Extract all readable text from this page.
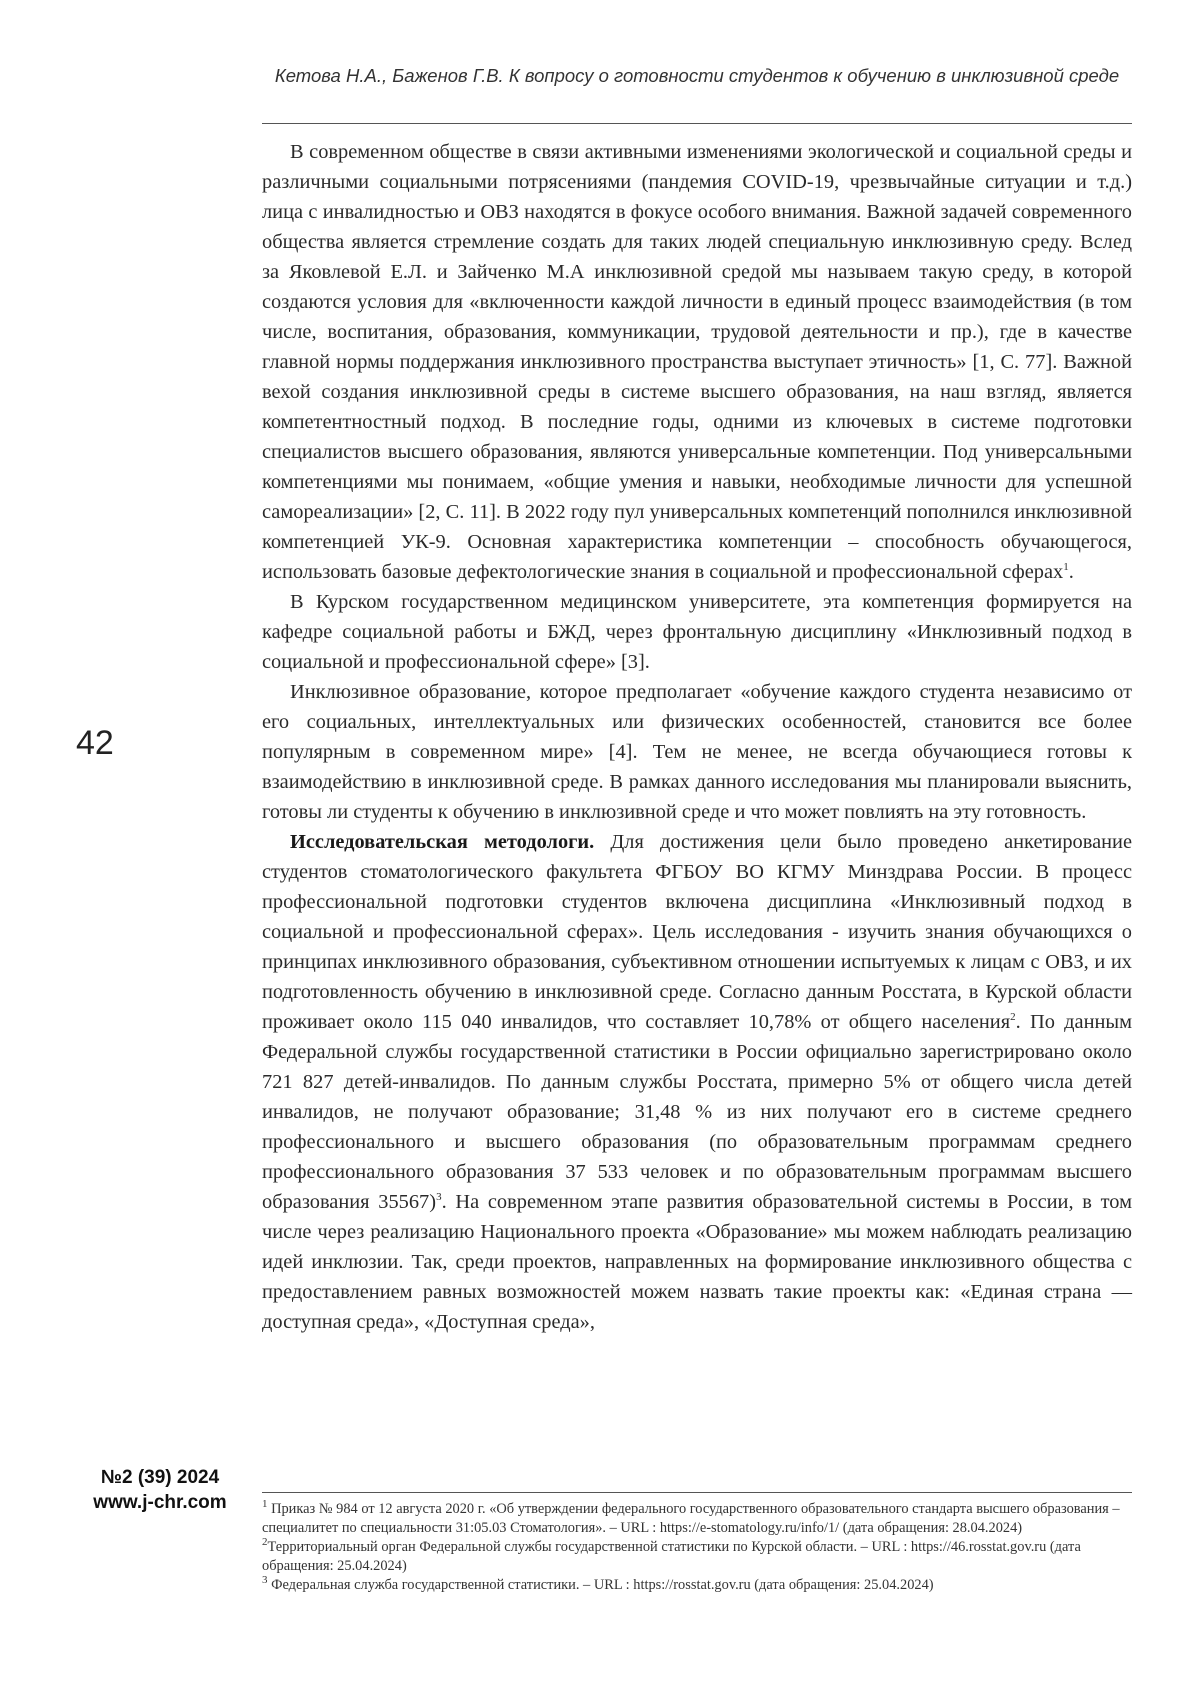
Кетова Н.А., Баженов Г.В. К вопросу о готовности студентов к обучению в инклюзивной среде
42
№2 (39) 2024
www.j-chr.com

В современном обществе в связи активными изменениями экологической и социальной среды и различными социальными потрясениями (пандемия COVID-19, чрезвычайные ситуации и т.д.) лица с инвалидностью и ОВЗ находятся в фокусе особого внимания. Важной задачей современного общества является стремление создать для таких людей специальную инклюзивную среду. Вслед за Яковлевой Е.Л. и Зайченко М.А инклюзивной средой мы называем такую среду, в которой создаются условия для «включенности каждой личности в единый процесс взаимодействия (в том числе, воспитания, образования, коммуникации, трудовой деятельности и пр.), где в качестве главной нормы поддержания инклюзивного пространства выступает этичность» [1, С. 77]. Важной вехой создания инклюзивной среды в системе высшего образования, на наш взгляд, является компетентностный подход. В последние годы, одними из ключевых в системе подготовки специалистов высшего образования, являются универсальные компетенции. Под универсальными компетенциями мы понимаем, «общие умения и навыки, необходимые личности для успешной самореализации» [2, С. 11]. В 2022 году пул универсальных компетенций пополнился инклюзивной компетенцией УК-9. Основная характеристика компетенции – способность обучающегося, использовать базовые дефектологические знания в социальной и профессиональной сферах$^1$.

В Курском государственном медицинском университете, эта компетенция формируется на кафедре социальной работы и БЖД, через фронтальную дисциплину «Инклюзивный подход в социальной и профессиональной сфере» [3].

Инклюзивное образование, которое предполагает «обучение каждого студента независимо от его социальных, интеллектуальных или физических особенностей, становится все более популярным в современном мире» [4]. Тем не менее, не всегда обучающиеся готовы к взаимодействию в инклюзивной среде. В рамках данного исследования мы планировали выяснить, готовы ли студенты к обучению в инклюзивной среде и что может повлиять на эту готовность.

Исследовательская методологи. Для достижения цели было проведено анкетирование студентов стоматологического факультета ФГБОУ ВО КГМУ Минздрава России. В процесс профессиональной подготовки студентов включена дисциплина «Инклюзивный подход в социальной и профессиональной сферах». Цель исследования - изучить знания обучающихся о принципах инклюзивного образования, субъективном отношении испытуемых к лицам с ОВЗ, и их подготовленность обучению в инклюзивной среде. Согласно данным Росстата, в Курской области проживает около 115 040 инвалидов, что составляет 10,78% от общего населения$^2$. По данным Федеральной службы государственной статистики в России официально зарегистрировано около 721 827 детей-инвалидов. По данным службы Росстата, примерно 5% от общего числа детей инвалидов, не получают образование; 31,48 % из них получают его в системе среднего профессионального и высшего образования (по образовательным программам среднего профессионального образования 37 533 человек и по образовательным программам высшего образования 35567)$^3$. На современном этапе развития образовательной системы в России, в том числе через реализацию Национального проекта «Образование» мы можем наблюдать реализацию идей инклюзии. Так, среди проектов, направленных на формирование инклюзивного общества с предоставлением равных возможностей можем назвать такие проекты как: «Единая страна — доступная среда», «Доступная среда»,

$^1$ Приказ № 984 от 12 августа 2020 г. «Об утверждении федерального государственного образовательного стандарта высшего образования – специалитет по специальности 31:05.03 Стоматология». – URL : https://e-stomatology.ru/info/1/ (дата обращения: 28.04.2024)

$^2$Территориальный орган Федеральной службы государственной статистики по Курской области. – URL : https://46.rosstat.gov.ru (дата обращения: 25.04.2024)

$^3$ Федеральная служба государственной статистики. – URL : https://rosstat.gov.ru (дата обращения: 25.04.2024)
